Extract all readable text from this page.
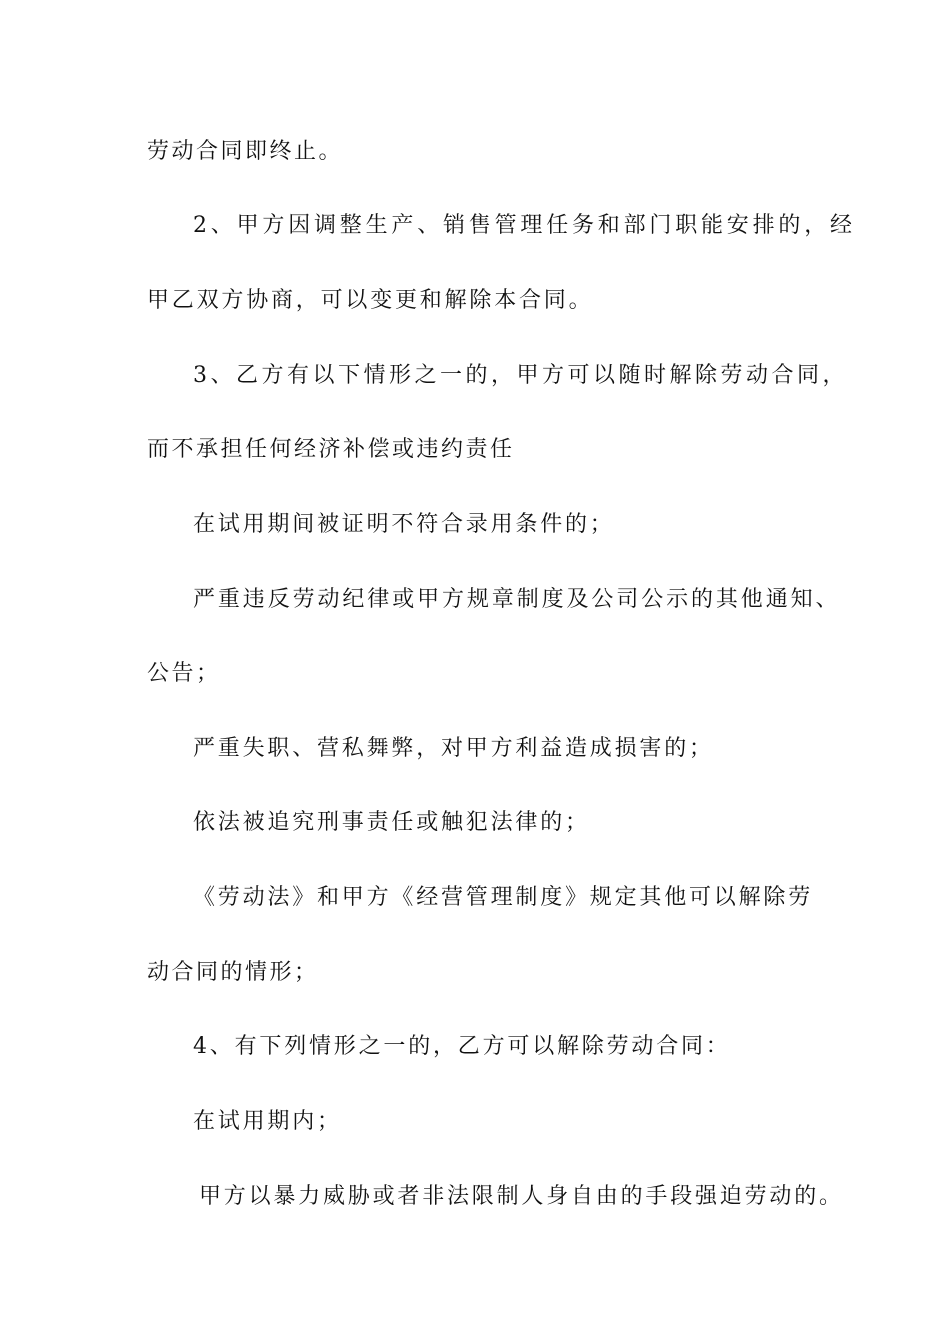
劳动合同即终止。
2、甲方因调整生产、销售管理任务和部门职能安排的，经
甲乙双方协商，可以变更和解除本合同。
3、乙方有以下情形之一的，甲方可以随时解除劳动合同，
而不承担任何经济补偿或违约责任
在试用期间被证明不符合录用条件的；
严重违反劳动纪律或甲方规章制度及公司公示的其他通知、
公告；
严重失职、营私舞弊，对甲方利益造成损害的；
依法被追究刑事责任或触犯法律的；
《劳动法》和甲方《经营管理制度》规定其他可以解除劳
动合同的情形；
4、有下列情形之一的，乙方可以解除劳动合同：
在试用期内；
甲方以暴力威胁或者非法限制人身自由的手段强迫劳动的。
